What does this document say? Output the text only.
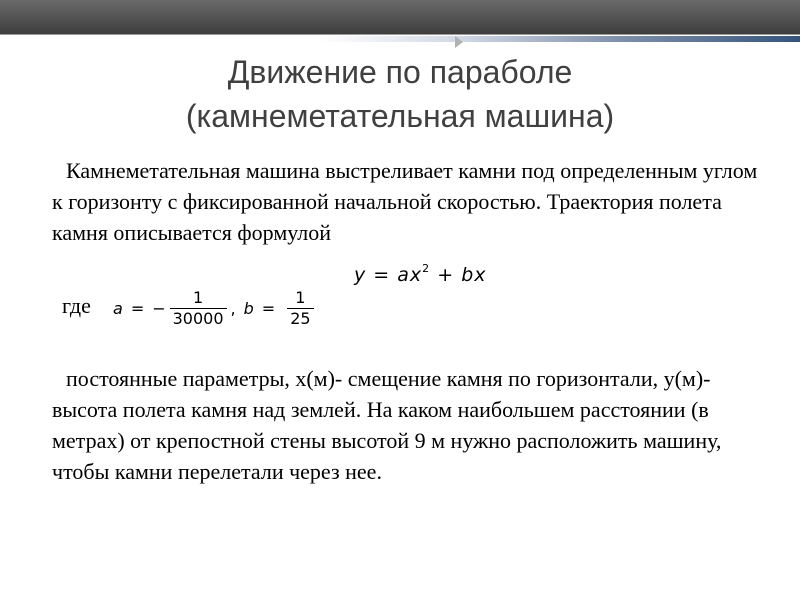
Движение по параболе
(камнеметательная машина)
Камнеметательная машина выстреливает камни под определенным углом к горизонту с фиксированной начальной скоростью. Траектория полета камня описывается формулой
$y = ax^2$ + bx
где a = − $\frac{1}{30000}$ , $b = \frac{1}{25}$
постоянные параметры, x(м)- смещение камня по горизонтали, y(м)- высота полета камня над землей. На каком наибольшем расстоянии (в метрах) от крепостной стены высотой 9 м нужно расположить машину, чтобы камни перелетали через нее.
